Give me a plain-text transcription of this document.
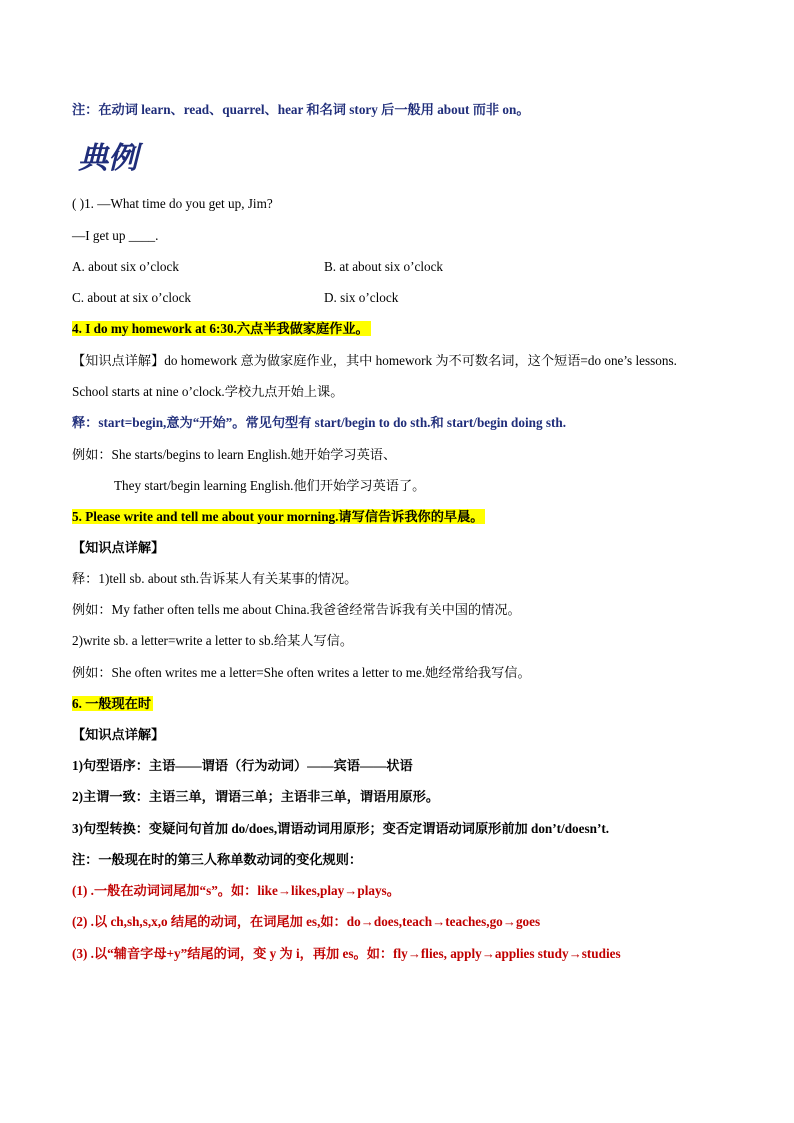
注：在动词 learn、read、quarrel、hear 和名词 story 后一般用 about 而非 on。
典例
( )1. —What time do you get up, Jim?
—I get up ____.
A. about six o’clock	B. at about six o’clock
C. about at six o’clock	D. six o’clock
4. I do my homework at 6:30.六点半我做家庭作业。
【知识点详解】do homework 意为做家庭作业，其中 homework 为不可数名词，这个短语=do one’s lessons.
School starts at nine o’clock.学校九点开始上课。
释：start=begin,意为“开始”。常见句型有 start/begin to do sth.和 start/begin doing sth.
例如：She starts/begins to learn English.她开始学习英语、
They start/begin learning English.他们开始学习英语了。
5. Please write and tell me about your morning.请写信告诉我你的早晨。
【知识点详解】
释：1)tell sb. about sth.告诉某人有关某事的情况。
例如：My father often tells me about China.我爸爸经常告诉我有关中国的情况。
2)write sb. a letter=write a letter to sb.给某人写信。
例如：She often writes me a letter=She often writes a letter to me.她经常给我写信。
6. 一般现在时
【知识点详解】
1)句型语序：主语——谓语（行为动词）——宾语——状语
2)主谓一致：主语三单，谓语三单；主语非三单，谓语用原形。
3)句型转换：变疑问句首加 do/does,谓语动词用原形；变否定谓语动词原形前加 don’t/doesn’t.
注：一般现在时的第三人称单数动词的变化规则：
(1) .一般在动词词尾加“s”。如：like→likes,play→plays。
(2) .以 ch,sh,s,x,o 结尾的动词，在词尾加 es,如：do→does,teach→teaches,go→goes
(3) .以“辅音字母+y”结尾的词，变 y 为 i，再加 es。如：fly→flies, apply→applies study→studies
